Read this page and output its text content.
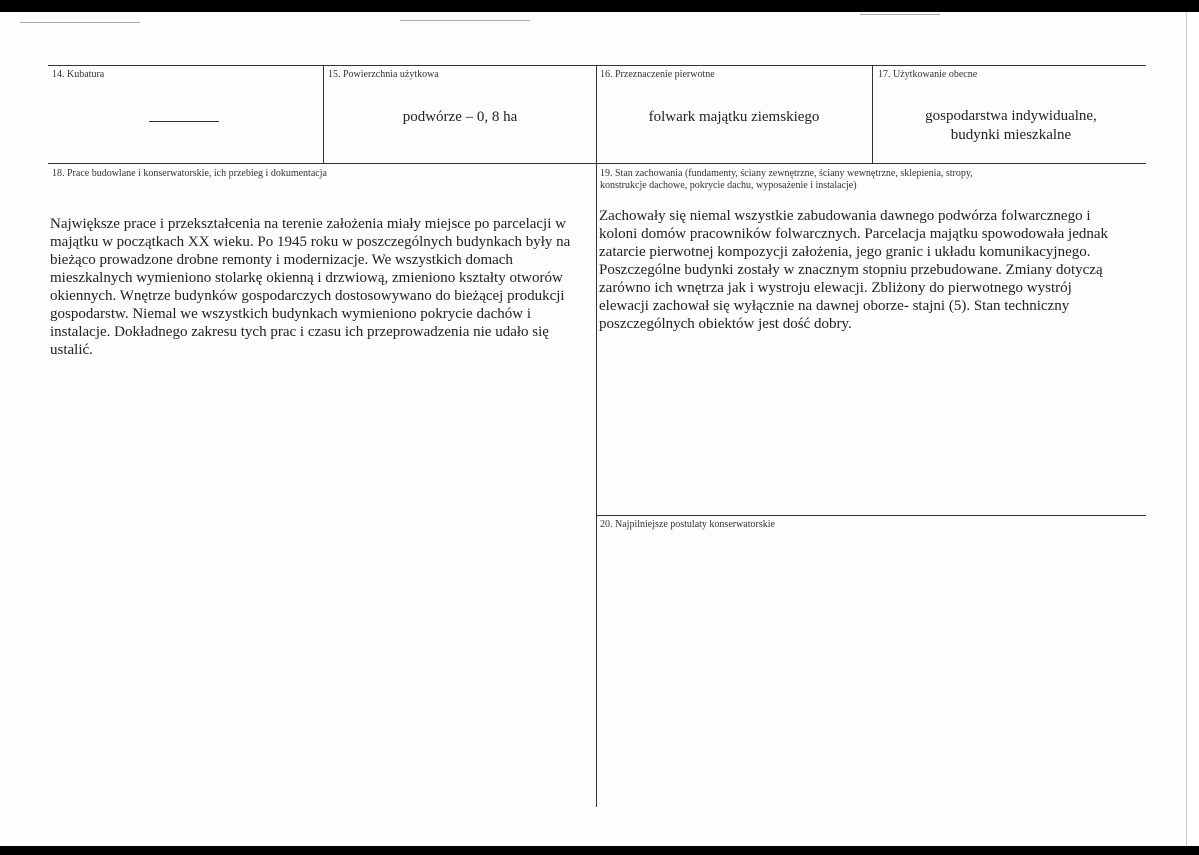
14. Kubatura	15. Powierzchnia użytkowa
podwórze – 0, 8 ha
16. Przeznaczenie pierwotne
folwark majątku ziemskiego
17. Użytkowanie obecne
gospodarstwa indywidualne,
budynki mieszkalne
18. Prace budowlane i konserwatorskie, ich przebieg i dokumentacja
Największe prace i przekształcenia na terenie założenia miały miejsce po parcelacji w
majątku w początkach XX wieku. Po 1945 roku w poszczególnych budynkach były na
bieżąco prowadzone drobne remonty i modernizacje. We wszystkich domach
mieszkalnych wymieniono stolarkę okienną i drzwiową, zmieniono kształty otworów
okiennych. Wnętrze budynków gospodarczych dostosowywano do bieżącej produkcji
gospodarstw. Niemal we wszystkich budynkach wymieniono pokrycie dachów i
instalacje. Dokładnego zakresu tych prac i czasu ich przeprowadzenia nie udało się
ustalić.
19. Stan zachowania (fundamenty, ściany zewnętrzne, ściany wewnętrzne, sklepienia, stropy,
konstrukcje dachowe, pokrycie dachu, wyposażenie i instalacje)
Zachowały się niemal wszystkie zabudowania dawnego podwórza folwarcznego i
koloni domów pracowników folwarcznych. Parcelacja majątku spowodowała jednak
zatarcie pierwotnej kompozycji założenia, jego granic i układu komunikacyjnego.
Poszczególne budynki zostały w znacznym stopniu przebudowane. Zmiany dotyczą
zarówno ich wnętrza jak i wystroju elewacji. Zbliżony do pierwotnego wystrój
elewacji zachował się wyłącznie na dawnej oborze- stajni (5). Stan techniczny
poszczególnych obiektów jest dość dobry.
20. Najpilniejsze postulaty konserwatorskie
